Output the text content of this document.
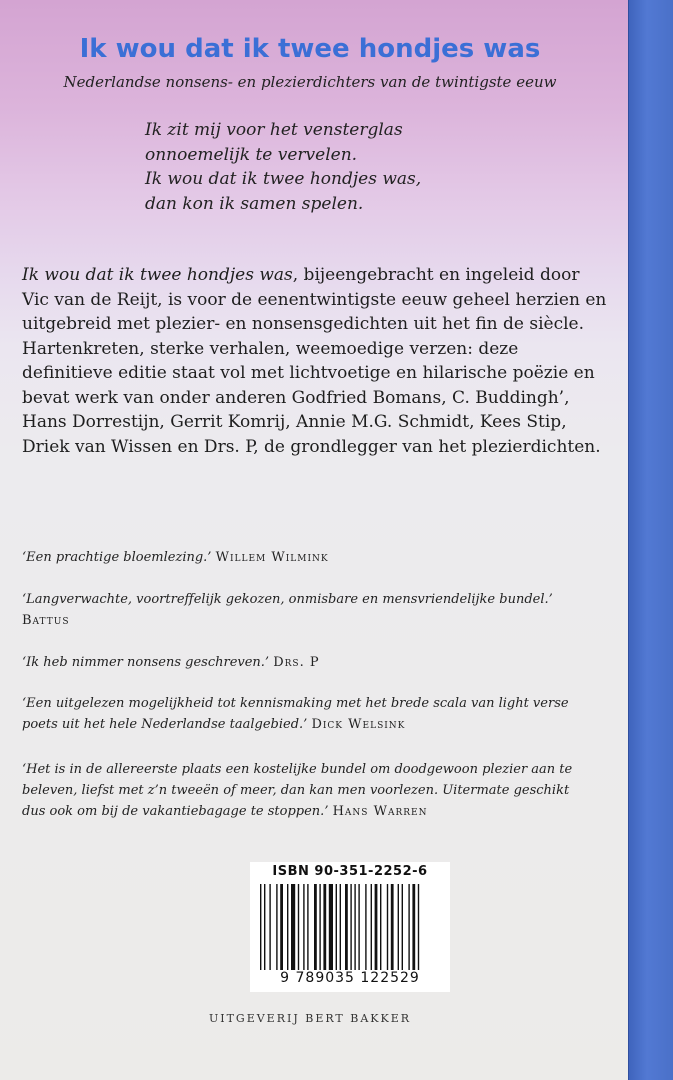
Ik wou dat ik twee hondjes was

Nederlandse nonsens- en plezierdichters van de twintigste eeuw

Ik zit mij voor het vensterglas
onnoemelijk te vervelen.
Ik wou dat ik twee hondjes was,
dan kon ik samen spelen.

Ik wou dat ik twee hondjes was, bijeengebracht en ingeleid door Vic van de Reijt, is voor de eenentwintigste eeuw geheel herzien en uitgebreid met plezier- en nonsensgedichten uit het fin de siècle. Hartenkreten, sterke verhalen, weemoedige verzen: deze definitieve editie staat vol met lichtvoetige en hilarische poëzie en bevat werk van onder anderen Godfried Bomans, C. Buddingh’, Hans Dorrestijn, Gerrit Komrij, Annie M.G. Schmidt, Kees Stip, Driek van Wissen en Drs. P, de grondlegger van het plezierdichten.

‘Een prachtige bloemlezing.’ Willem Wilmink

‘Langverwachte, voortreffelijk gekozen, onmisbare en mensvriendelijke bundel.’
Battus

‘Ik heb nimmer nonsens geschreven.’ Drs. P

‘Een uitgelezen mogelijkheid tot kennismaking met het brede scala van light verse poets uit het hele Nederlandse taalgebied.’ Dick Welsink

‘Het is in de allereerste plaats een kostelijke bundel om doodgewoon plezier aan te beleven, liefst met z’n tweeën of meer, dan kan men voorlezen. Uitermate geschikt dus ook om bij de vakantiebagage te stoppen.’ Hans Warren

ISBN 90-351-2252-6
9 789035 122529

UITGEVERIJ BERT BAKKER
